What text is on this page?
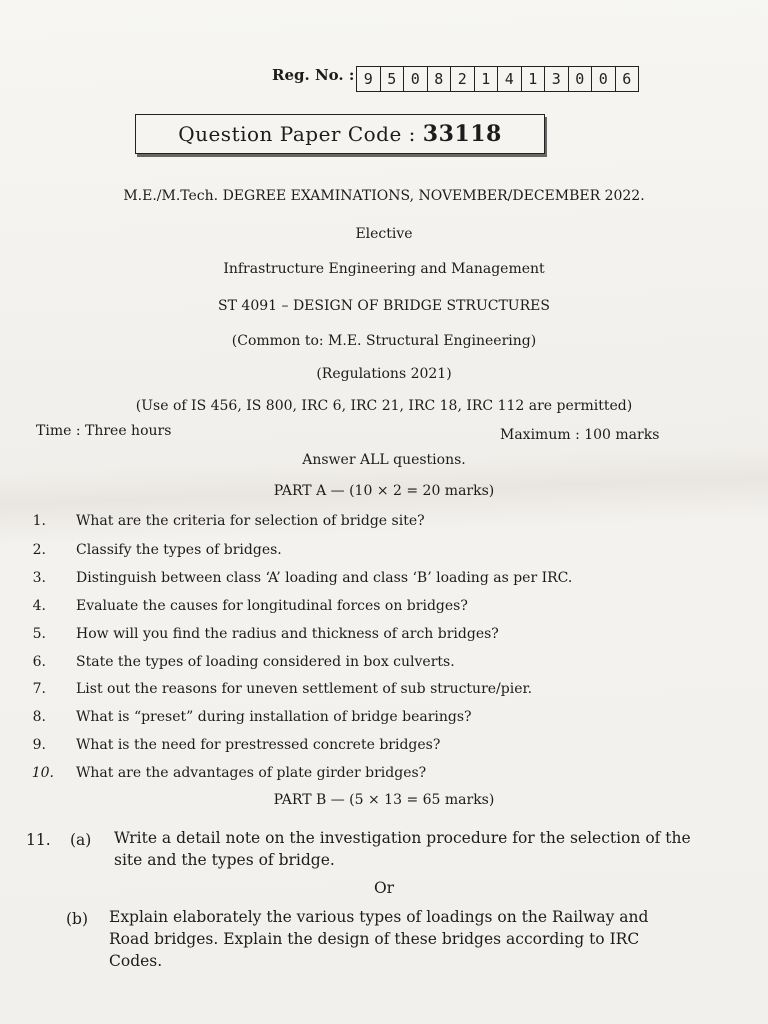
Reg. No. : 9 5 0 8 2 1 4 1 3 0 0 6
Question Paper Code : 33118
M.E./M.Tech. DEGREE EXAMINATIONS, NOVEMBER/DECEMBER 2022.
Elective
Infrastructure Engineering and Management
ST 4091 – DESIGN OF BRIDGE STRUCTURES
(Common to: M.E. Structural Engineering)
(Regulations 2021)
(Use of IS 456, IS 800, IRC 6, IRC 21, IRC 18, IRC 112 are permitted)
Time : Three hours	Maximum : 100 marks
Answer ALL questions.
PART A — (10 × 2 = 20 marks)
1. What are the criteria for selection of bridge site?
2. Classify the types of bridges.
3. Distinguish between class ‘A’ loading and class ‘B’ loading as per IRC.
4. Evaluate the causes for longitudinal forces on bridges?
5. How will you find the radius and thickness of arch bridges?
6. State the types of loading considered in box culverts.
7. List out the reasons for uneven settlement of sub structure/pier.
8. What is “preset” during installation of bridge bearings?
9. What is the need for prestressed concrete bridges?
10. What are the advantages of plate girder bridges?
PART B — (5 × 13 = 65 marks)
11. (a) Write a detail note on the investigation procedure for the selection of the
site and the types of bridge.
Or
(b) Explain elaborately the various types of loadings on the Railway and
Road bridges. Explain the design of these bridges according to IRC
Codes.
